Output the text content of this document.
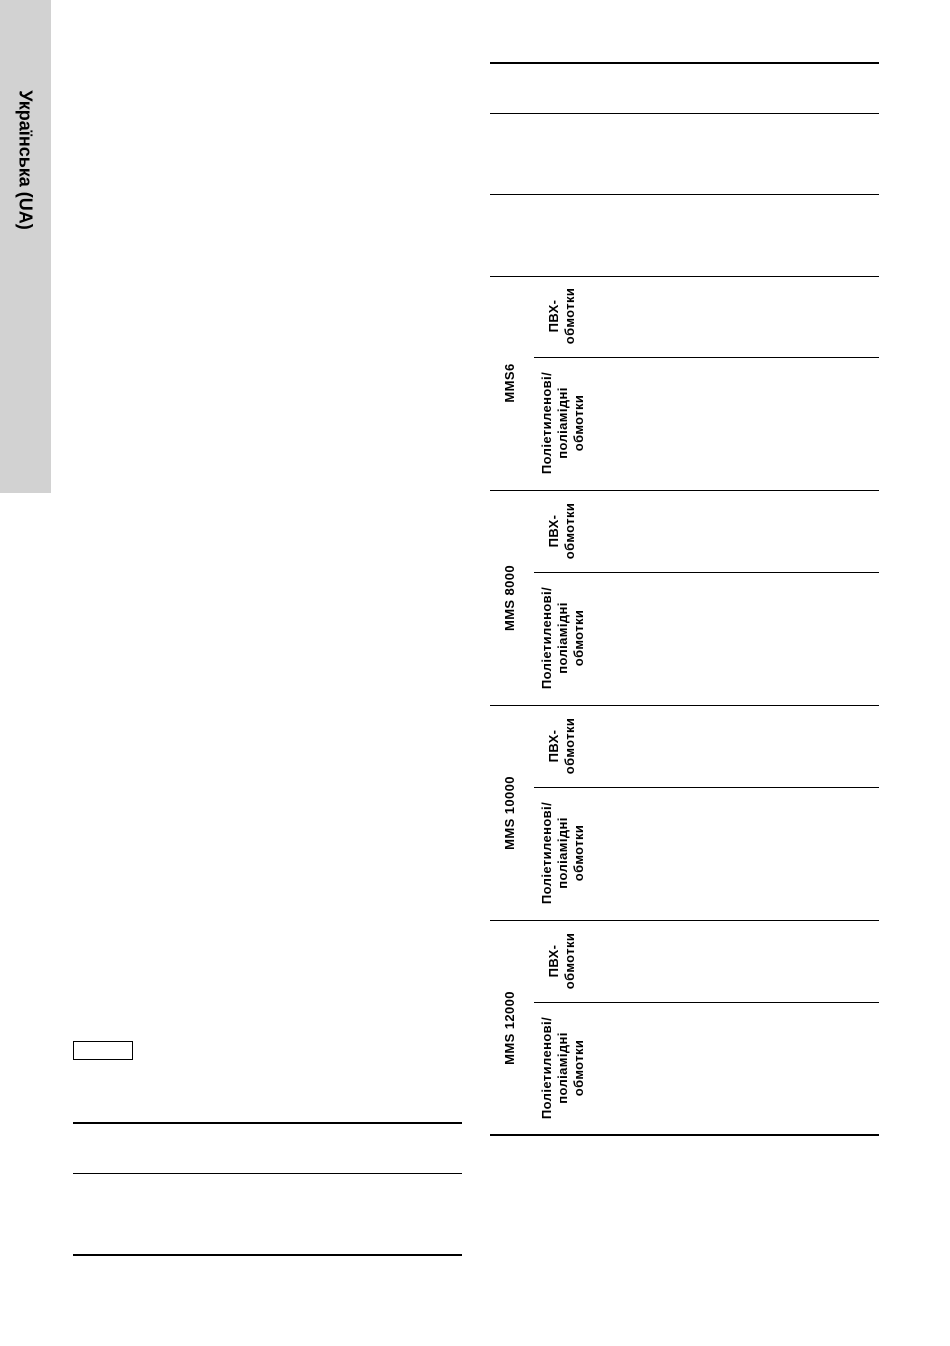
Українська (UA)
MMS6
ПВХ-
обмотки
Поліетиленові/
поліамідні
обмотки
MMS 8000
ПВХ-
обмотки
Поліетиленові/
поліамідні
обмотки
MMS 10000
ПВХ-
обмотки
Поліетиленові/
поліамідні
обмотки
MMS 12000
ПВХ-
обмотки
Поліетиленові/
поліамідні
обмотки
